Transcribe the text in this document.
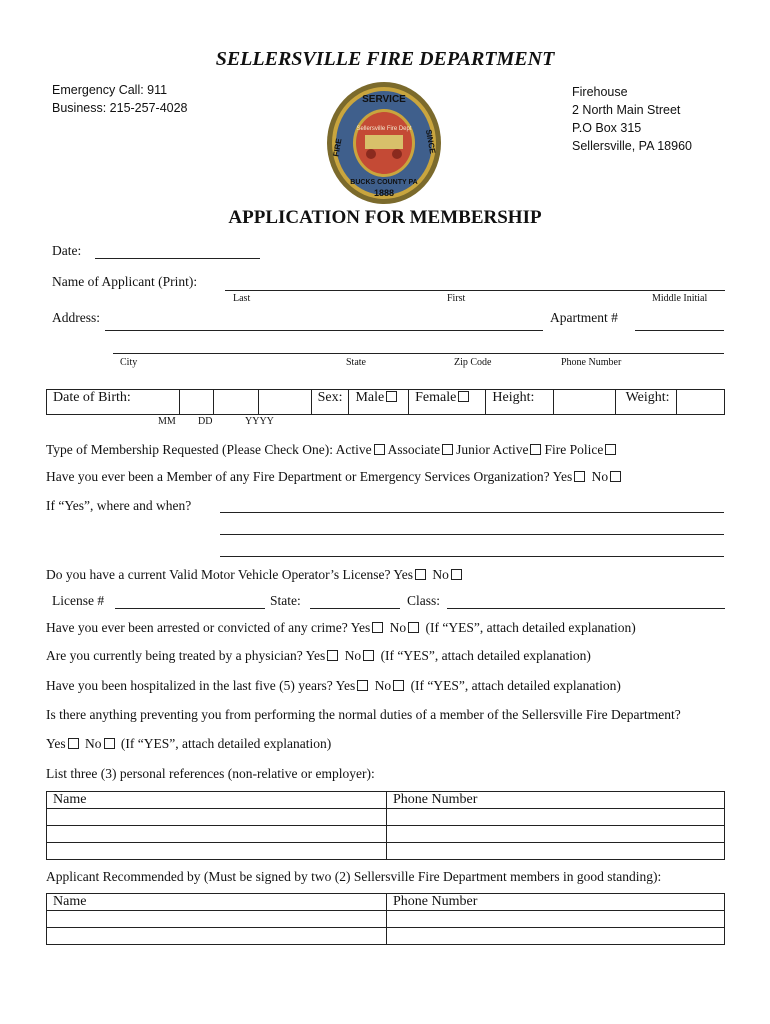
SELLERSVILLE FIRE DEPARTMENT
Emergency Call: 911
Business: 215-257-4028
Firehouse
2 North Main Street
P.O Box 315
Sellersville, PA 18960
SERVICE
Sellersville Fire Dept
FIRE	SINCE
BUCKS COUNTY PA
1888
APPLICATION FOR MEMBERSHIP
Date:
Name of Applicant (Print):
Last	First	Middle Initial
Address:	Apartment #
City	State	Zip Code	Phone Number
Date of Birth:				Sex:	Male	Female	Height:		Weight:	
MM DD	YYYY
Type of Membership Requested (Please Check One): Active Associate Junior Active Fire Police
Have you ever been a Member of any Fire Department or Emergency Services Organization? Yes No
If “Yes”, where and when?
Do you have a current Valid Motor Vehicle Operator’s License? Yes No
License #	State:	Class:
Have you ever been arrested or convicted of any crime? Yes No (If “YES”, attach detailed explanation)
Are you currently being treated by a physician? Yes No (If “YES”, attach detailed explanation)
Have you been hospitalized in the last five (5) years? Yes No (If “YES”, attach detailed explanation)
Is there anything preventing you from performing the normal duties of a member of the Sellersville Fire Department?
Yes No (If “YES”, attach detailed explanation)
List three (3) personal references (non-relative or employer):
Name	Phone Number

Applicant Recommended by (Must be signed by two (2) Sellersville Fire Department members in good standing):
Name	Phone Number
